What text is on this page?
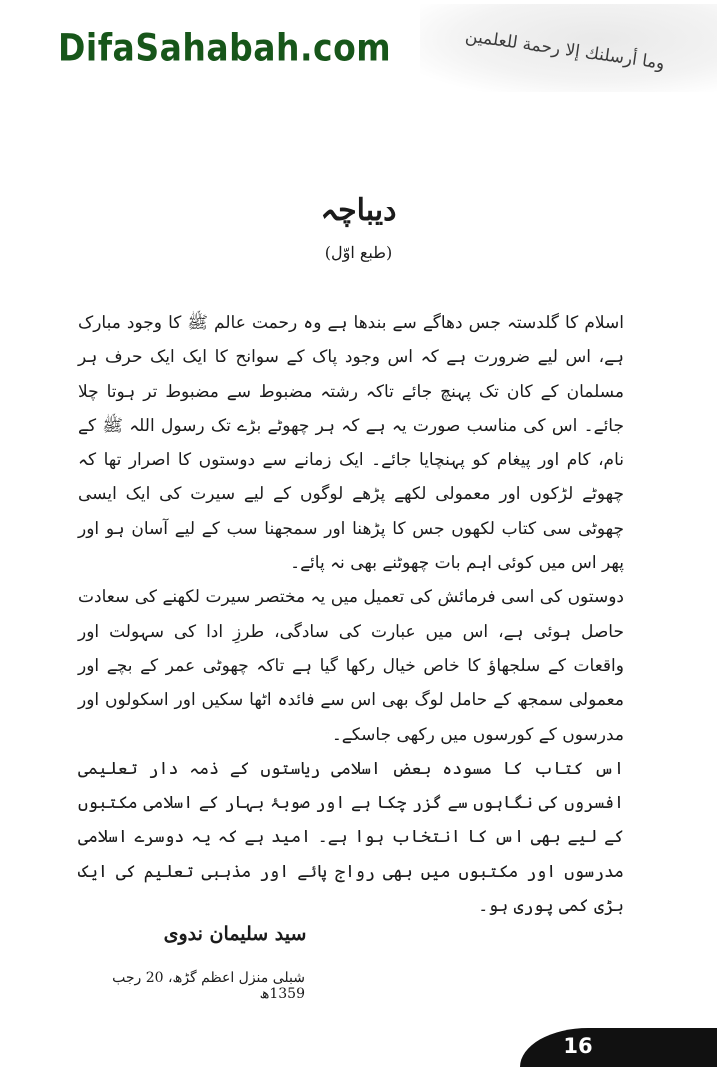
DifaSahabah.com	وما أرسلنك إلا رحمة للعلمين
دیباچہ
(طبع اوّل)

اسلام کا گلدستہ جس دھاگے سے بندھا ہے وہ رحمت عالم ﷺ کا وجود مبارک ہے، اس لیے ضرورت ہے کہ اس وجود پاک کے سوانح کا ایک ایک حرف ہر مسلمان کے کان تک پہنچ جائے تاکہ رشتہ مضبوط سے مضبوط تر ہوتا چلا جائے۔ اس کی مناسب صورت یہ ہے کہ ہر چھوٹے بڑے تک رسول اللہ ﷺ کے نام، کام اور پیغام کو پہنچایا جائے۔ ایک زمانے سے دوستوں کا اصرار تھا کہ چھوٹے لڑکوں اور معمولی لکھے پڑھے لوگوں کے لیے سیرت کی ایک ایسی چھوٹی سی کتاب لکھوں جس کا پڑھنا اور سمجھنا سب کے لیے آسان ہو اور پھر اس میں کوئی اہم بات چھوٹنے بھی نہ پائے۔

دوستوں کی اسی فرمائش کی تعمیل میں یہ مختصر سیرت لکھنے کی سعادت حاصل ہوئی ہے، اس میں عبارت کی سادگی، طرزِ ادا کی سہولت اور واقعات کے سلجھاؤ کا خاص خیال رکھا گیا ہے تاکہ چھوٹی عمر کے بچے اور معمولی سمجھ کے حامل لوگ بھی اس سے فائدہ اٹھا سکیں اور اسکولوں اور مدرسوں کے کورسوں میں رکھی جاسکے۔

اس کتاب کا مسودہ بعض اسلامی ریاستوں کے ذمہ دار تعلیمی افسروں کی نگاہوں سے گزر چکا ہے اور صوبۂ بہار کے اسلامی مکتبوں کے لیے بھی اس کا انتخاب ہوا ہے۔ امید ہے کہ یہ دوسرے اسلامی مدرسوں اور مکتبوں میں بھی رواج پائے اور مذہبی تعلیم کی ایک بڑی کمی پوری ہو۔

سید سلیمان ندوی
شبلی منزل اعظم گڑھ، 20 رجب 1359ھ
16
